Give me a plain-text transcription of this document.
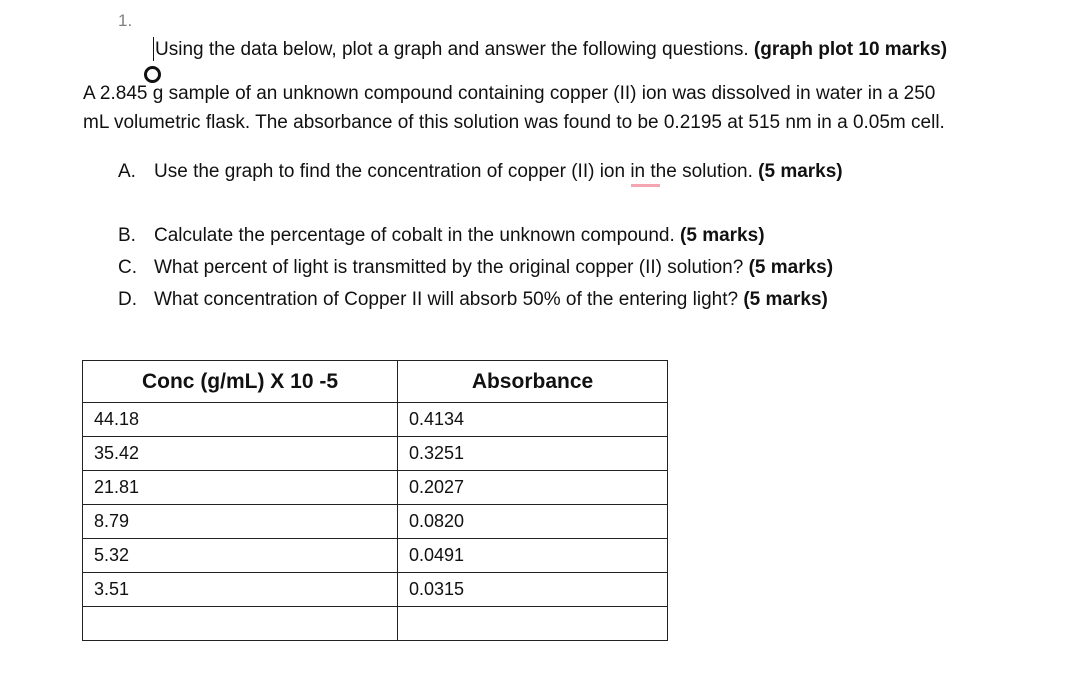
1.
Using the data below, plot a graph and answer the following questions. (graph plot 10 marks)
A 2.845 g sample of an unknown compound containing copper (II) ion was dissolved in water in a 250
mL volumetric flask. The absorbance of this solution was found to be 0.2195 at 515 nm in a 0.05m cell.
A. Use the graph to find the concentration of copper (II) ion in the solution. (5 marks)
B. Calculate the percentage of cobalt in the unknown compound. (5 marks)
C. What percent of light is transmitted by the original copper (II) solution? (5 marks)
D. What concentration of Copper II will absorb 50% of the entering light? (5 marks)
Conc (g/mL) X 10 -5	Absorbance
44.18	0.4134
35.42	0.3251
21.81	0.2027
8.79	0.0820
5.32	0.0491
3.51	0.0315
